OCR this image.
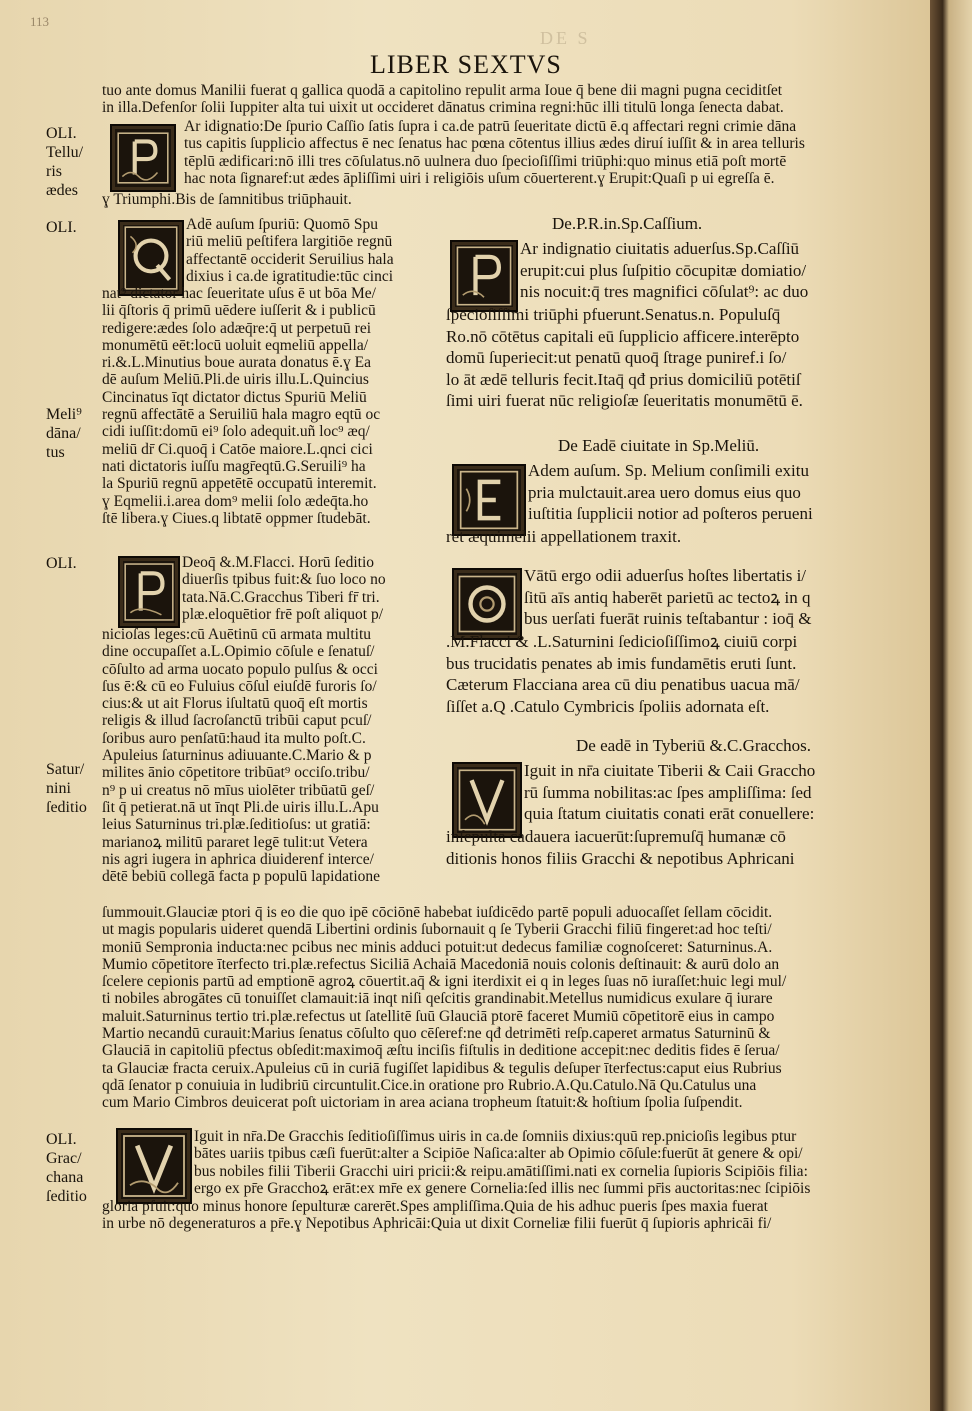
113
DE S
LIBER SEXTVS
tuo ante domus Manilii fuerat q gallica quodā a capitolino repulit arma Ioue q̄ bene dii magni pugna ceciditſet
in illa.Defenſor ſolii Iuppiter alta tui uixit ut occideret dānatus crimina regni:hūc illi titulū longa ſenecta dabat.
OLI.
Tellu/
ris
ædes
OLI.
Meli⁹
dāna/
tus
OLI.
Satur/
nini
ſeditio
OLI.
Grac/
chana
ſeditio
Ar idignatio:De ſpurio Caſſio ſatis ſupra i ca.de patrū ſeueritate dictū ē.q affectari regni crimie dāna
tus capitis ſupplicio affectus ē nec ſenatus hac pœna cōtentus illius ædes diruí iuſſit & in area telluris
tēplū ædificari:nō illi tres cōſulatus.nō uulnera duo ſpecioſiſſimi triūphi:quo minus etiā poſt mortē
hac nota ſignaref:ut ædes āpliſſimi uiri i religiōis uſum cōuerterent.ɣ Erupit:Quaſi p ui egreſſa ē.
ɣ Triumphi.Bis de ſamnitibus triūphauit.
Adē auſum ſpuriū: Quomō Spu
riū meliū peſtifera largitiōe regnū
affectantē occiderit Seruilius hala
dixius i ca.de igratitudie:tūc cinci
nat⁹ dictator hac ſeueritate uſus ē ut bōa Me/
lii q̄ſtoris q̄ primū uēdere iuſſerit & i publicū
redigere:ædes ſolo adæq̄re:q̄ ut perpetuū rei
monumētū eēt:locū uoluit eqmeliū appella/
ri.&.L.Minutius boue aurata donatus ē.ɣ Ea
dē auſum Meliū.Pli.de uiris illu.L.Quincius
Cincinatus īqt dictator dictus Spuriū Meliū
regnū affectātē a Seruiliū hala magro eqtū oc
cidi iuſſit:domū ei⁹ ſolo adequit.uñ loc⁹ æq/
meliū dr̄ Ci.quoq̄ i Catōe maiore.L.qnci cici
nati dictatoris iuſſu magr̄eqtū.G.Seruili⁹ ha
la Spuriū regnū appetētē occupatū interemit.
ɣ Eqmelii.i.area dom⁹ melii ſolo ædeq̄ta.ho
ſtē libera.ɣ Ciues.q libtatē oppmer ſtudebāt.
Deoq̄ &.M.Flacci. Horū ſeditio
diuerſis tpibus fuit:& ſuo loco no
tata.Nā.C.Gracchus Tiberi fr̄ tri.
plæ.eloquētior frē poſt aliquot p/
nicioſas leges:cū Auētinū cū armata multitu
dine occupaſſet a.L.Opimio cōſule e ſenatuſ/
cōſulto ad arma uocato populo pulſus & occi
ſus ē:& cū eo Fuluius cōſul eiuſdē furoris ſo/
cius:& ut ait Florus iſultatū quoq̄ eſt mortis
religis & illud ſacroſanctū tribūi caput pcuſ/
ſoribus auro penſatū:haud ita multo poſt.C.
Apuleius ſaturninus adiuuante.C.Mario & p
milites ānio cōpetitore tribūat⁹ occiſo.tribu/
n⁹ p ui creatus nō mīus uiolēter tribūatū geſ/
ſit q̄ petierat.nā ut īnqt Pli.de uiris illu.L.Apu
leius Saturninus tri.plæ.ſeditioſus: ut gratiā:
marianoꝝ militū pararet legē tulit:ut Vetera
nis agri iugera in aphrica diuiderenf interce/
dētē bebiū collegā facta p populū lapidatione
De.P.R.in.Sp.Caſſium.
Ar indignatio ciuitatis aduerſus.Sp.Caſſiū
erupit:cui plus ſuſpitio cōcupitæ domiatio/
nis nocuit:q̄ tres magnifici cōſulat⁹: ac duo
ſpecioſiſſimi triūphi pfuerunt.Senatus.n. Populuſq̄
Ro.nō cōtētus capitali eū ſupplicio afficere.interēpto
domū ſuperiecit:ut penatū quoq̄ ſtrage puniref.i ſo/
lo āt ædē telluris fecit.Itaq̄ qđ prius domiciliū potētiſ
ſimi uiri fuerat nūc religioſæ ſeueritatis monumētū ē.
De Eadē ciuitate in Sp.Meliū.
Adem auſum. Sp. Melium conſimili exitu
pria mulctauit.area uero domus eius quo
iuſtitia ſupplicii notior ad poſteros perueni
ret æquimelii appellationem traxit.
Vātū ergo odii aduerſus hoſtes libertatis i/
ſitū aīs antiq haberēt parietū ac tectoꝝ in q
bus uerſati fuerāt ruinis teſtabantur : ioq̄ &
.M.Flacci & .L.Saturnini ſedicioſiſſimoꝝ ciuiū corpi
bus trucidatis penates ab imis fundamētis eruti ſunt.
Cæterum Flacciana area cū diu penatibus uacua mā/
ſiſſet a.Q .Catulo Cymbricis ſpoliis adornata eſt.
De eadē in Tyberiū &.C.Gracchos.
Iguit in nr̄a ciuitate Tiberii & Caii Graccho
rū ſumma nobilitas:ac ſpes ampliſſima: ſed
quia ſtatum ciuitatis conati erāt conuellere:
inſepulta cadauera iacuerūt:ſupremuſq̄ humanæ cō
ditionis honos filiis Gracchi & nepotibus Aphricani
ſummouit.Glauciæ ptori q̄ is eo die quo ipē cōciōnē habebat iuſdicēdo partē populi aduocaſſet ſellam cōcidit.
ut magis popularis uideret quendā Libertini ordinis ſubornauit q ſe Tyberii Gracchi filiū fingeret:ad hoc teſti/
moniū Sempronia inducta:nec pcibus nec minis adduci potuit:ut dedecus familiæ cognoſceret: Saturninus.A.
Mumio cōpetitore īterfecto tri.plæ.refectus Siciliā Achaiā Macedoniā nouis colonis deſtinauit: & aurū dolo an
ſcelere cepionis partū ad emptionē agroꝝ cōuertit.aq̄ & igni iterdixit ei q in leges ſuas nō iuraſſet:huic legi mul/
ti nobiles abrogātes cū tonuiſſet clamauit:iā inqt niſi qeſcitis grandinabit.Metellus numidicus exulare q̄ iurare
maluit.Saturninus tertio tri.plæ.refectus ut ſatellitē ſuū Glauciā ptorē faceret Mumiū cōpetitorē eius in campo
Martio necandū curauit:Marius ſenatus cōſulto quo cēſeref:ne qđ detrimēti reſp.caperet armatus Saturninū &
Glauciā in capitoliū pfectus obſedit:maximoq̄ æſtu inciſis fiſtulis in deditione accepit:nec deditis fides ē ſerua/
ta Glauciæ fracta ceruix.Apuleius cū in curiā fugiſſet lapidibus & tegulis deſuper īterfectus:caput eius Rubrius
qdā ſenator p conuiuia in ludibriū circuntulit.Cice.in oratione pro Rubrio.A.Qu.Catulo.Nā Qu.Catulus una
cum Mario Cimbros deuicerat poſt uictoriam in area aciana tropheum ſtatuit:& hoſtium ſpolia ſuſpendit.
Iguit in nr̄a.De Gracchis ſeditioſiſſimus uiris in ca.de ſomniis dixius:quū rep.pnicioſis legibus ptur
bātes uariis tpibus cæſi fuerūt:alter a Scipiōe Naſica:alter ab Opimio cōſule:fuerūt āt genere & opi/
bus nobiles filii Tiberii Gracchi uiri pricii:& reipu.amātiſſimi.nati ex cornelia ſupioris Scipiōis filia:
ergo ex pr̄e Gracchoꝝ erāt:ex mr̄e ex genere Cornelia:ſed illis nec ſummi pr̄is auctoritas:nec ſcipiōis
gloria pfuit:quo minus honore ſepulturæ carerēt.Spes ampliſſima.Quia de his adhuc pueris ſpes maxia fuerat
in urbe nō degeneraturos a pr̄e.ɣ Nepotibus Aphricāi:Quia ut dixit Corneliæ filii fuerūt q̄ ſupioris aphricāi fi/
